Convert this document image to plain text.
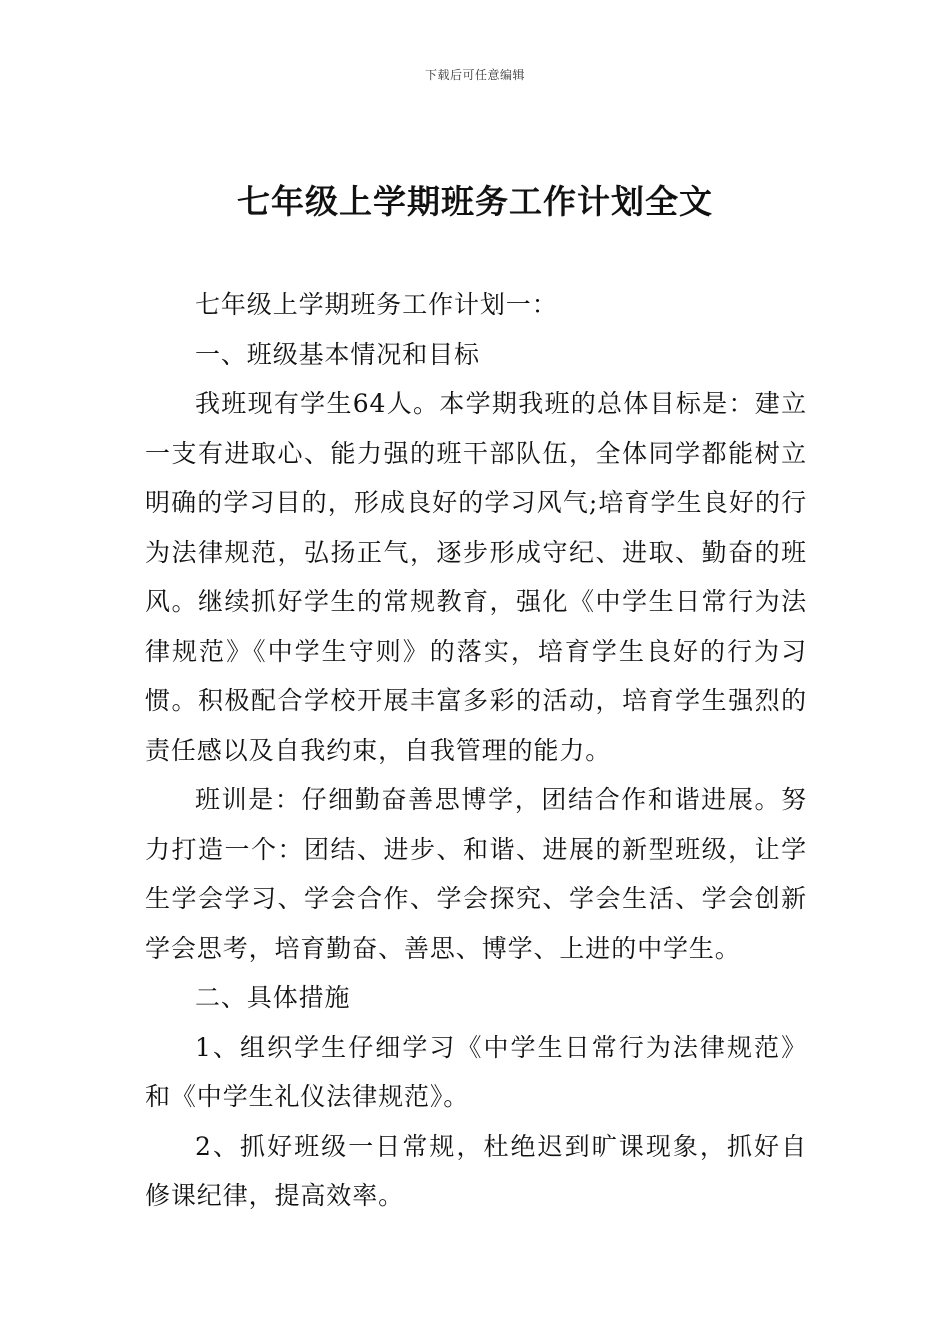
下载后可任意编辑
七年级上学期班务工作计划全文

七年级上学期班务工作计划一：

一、班级基本情况和目标

我班现有学生64人。本学期我班的总体目标是：建立一支有进取心、能力强的班干部队伍，全体同学都能树立明确的学习目的，形成良好的学习风气;培育学生良好的行为法律规范，弘扬正气，逐步形成守纪、进取、勤奋的班风。继续抓好学生的常规教育，强化《中学生日常行为法律规范》《中学生守则》的落实，培育学生良好的行为习惯。积极配合学校开展丰富多彩的活动，培育学生强烈的责任感以及自我约束，自我管理的能力。

班训是：仔细勤奋善思博学，团结合作和谐进展。努力打造一个：团结、进步、和谐、进展的新型班级，让学生学会学习、学会合作、学会探究、学会生活、学会创新学会思考，培育勤奋、善思、博学、上进的中学生。

二、具体措施

1、组织学生仔细学习《中学生日常行为法律规范》和《中学生礼仪法律规范》。

2、抓好班级一日常规，杜绝迟到旷课现象，抓好自修课纪律，提高效率。
